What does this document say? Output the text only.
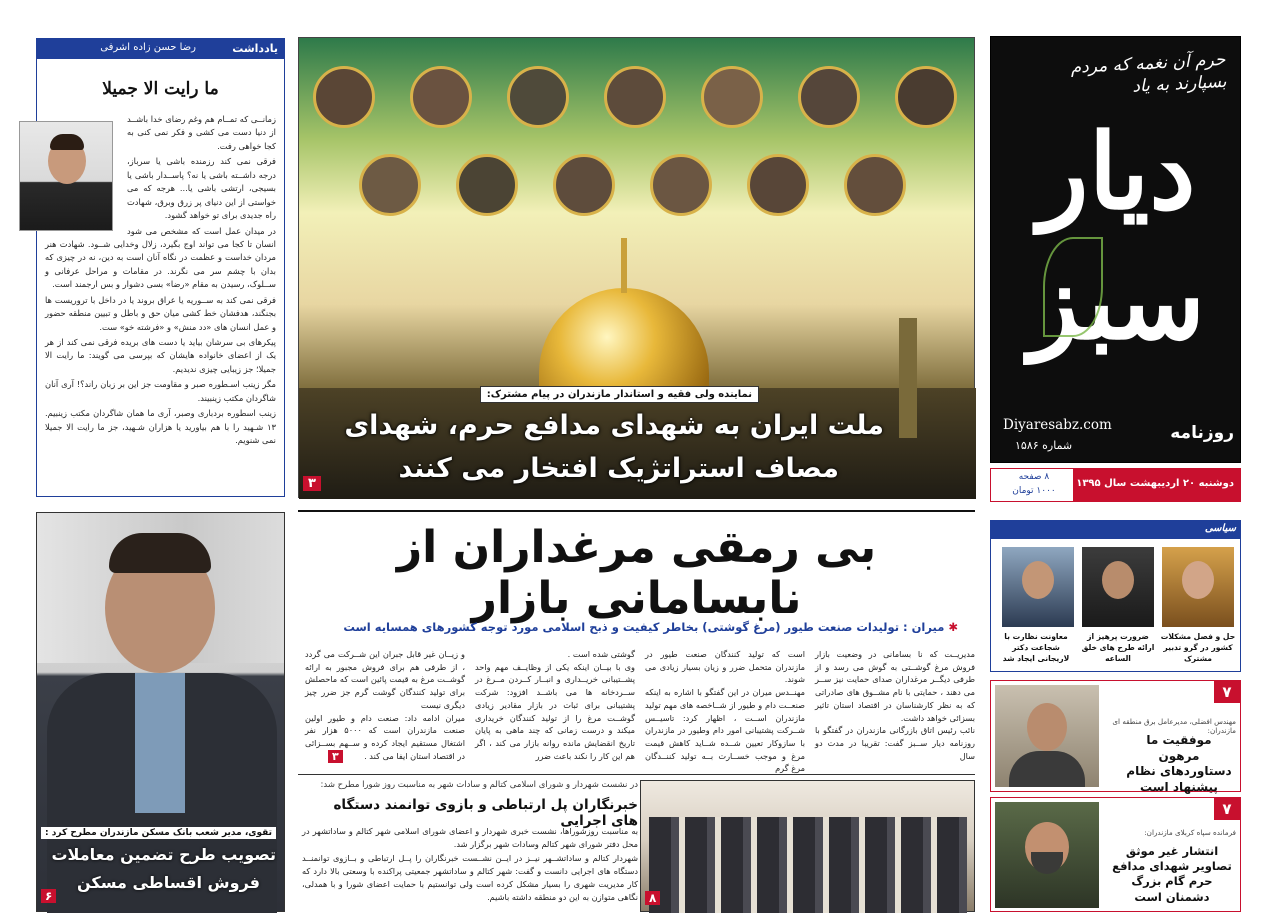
یادداشت
رضا حسن زاده اشرفی
ما رایت الا جمیلا

زمانــی که تمــام هم وغم رضای خدا باشــد از دنیا دست می کشی و فکر نمی کنی به کجا خواهی رفت.

فرقی نمی کند رزمنده باشی یا سرباز، درجه داشــته باشی یا نه؟ پاســدار باشی یا بسیجی، ارتشی باشی یا... هرجه که می خواستی از این دنیای پر زرق وبرق، شهادت راه جدیدی برای تو خواهد گشود.

در میدان عمل است که مشخص می شود انسان تا کجا می تواند اوج بگیرد، زلال وخدایی شــود. شهادت هنر مردان خداست و عظمت در نگاه آنان است به دین، نه در چیزی که بدان با چشم سر می نگرند. در مقامات و مراحل عرفانی و ســلوک، رسیدن به مقام «رضا» بسی دشوار و بس ارجمند است.

فرقی نمی کند به ســوریه یا عراق بروند یا در داخل با تروریست ها بجنگند، هدفشان خط کشی میان حق و باطل و تبیین منطقه حضور و عمل انسان های «دد منش» و «فرشته خو» ست.

پیکرهای بی سرشان بیاید یا دست های بریده فرقی نمی کند از هر یک از اعضای خانواده هایشان که بپرسی می گویند: ما رایت الا جمیلا؛ جز زیبایی چیزی ندیدیم.

مگر زینب اسـطوره صبر و مقاومت جز این بر زبان راند؟! آری آنان شاگردان مکتب زینبیند.

زینب اسطوره بردباری وصبر، آری ما همان شاگردان مکتب زینبیم. ۱۳ شـهید را با هم بیاورید یا هزاران شـهید، جز ما رایت الا جمیلا نمی شنویم.

تقوی، مدیر شعب بانک مسکن مازندران مطرح کرد :
تصویب طرح تضمین معاملات
فروش اقساطی مسکن
۶
نماینده ولی فقیه و استاندار مازندران در پیام مشترک:
ملت ایران به شهدای مدافع حرم، شهدای
مصاف استراتژیک افتخار می کنند
۳
بی رمقی مرغداران از نابسامانی بازار
✱ میران : تولیدات صنعت طیور (مرغ گوشتی) بخاطر کیفیت و ذبح اسلامی مورد توجه کشورهای همسایه است
مدیریــت که نا بسامانی در وضعیت بازار فروش مرغ گوشــتی به گوش می رسد و از طرفی دیگــر مرغداران صدای حمایت نیز ســر می دهند ، حمایتی با نام مشــوق های صادراتی که به نظر کارشناسان در اقتصاد استان تاثیر بسزائی خواهد داشت.
نائب رئیس اتاق بازرگانی مازندران در گفتگو با روزنامه دیار ســبز گفت: تقریبا در مدت دو سال
است که تولید کنندگان صنعت طیور در مازندران متحمل ضرر و زیان بسیار زیادی می شوند.
مهنــدس میران در این گفتگو با اشاره به اینکه صنعــت دام و طیور از شــاخصه های مهم تولید مازندران اســت ، اظهار کرد: تاسیــس شــرکت پشتیبانی امور دام وطیور در مازندران با سازوکار تعیین شــده شــاید کاهش قیمت مرغ و موجب خســارت بــه تولید کننــدگان مرغ گرم
گوشتی شده است .
وی با بیــان اینکه یکی از وظایــف مهم واحد پشــتیبانی خریــداری و انبــار کــردن مــرغ در ســردخانه ها می باشــد افزود: شرکت پشتیبانی برای ثبات در بازار مقادیر زیادی گوشــت مرغ را از تولید کنندگان خریداری میکند و درست زمانی که چند ماهی به پایان تاریخ انقضایش مانده روانه بازار می کند ، اگر هم این کار را نکند باعث ضرر
و زیــان غیر قابل جبران این شــرکت می گردد ، از طرفی هم برای فروش مجبور به ارائه گوشــت مرغ به قیمت پائین است که ماحصلش برای تولید کنندگان گوشت گرم جز ضرر چیز دیگری نیست
میران ادامه داد: صنعت دام و طیور اولین صنعت مازندران است که ۵۰۰۰ هزار نفر اشتغال مستقیم ایجاد کرده و ســهم بســزائی در اقتصاد استان ایفا می کند .
۳
۸
در نشست شهردار و شورای اسلامی کتالم و سادات شهر به مناسبت روز شورا مطرح شد:
خبرنگاران پل ارتباطی و بازوی توانمند دستگاه های اجرایی

به مناسبت روزشوراها، نشست خبری شهردار و اعضای شورای اسلامی شهر کتالم و ساداتشهر در محل دفتر شورای شهر کتالم وسادات شهر برگزار شد.

شهردار کتالم و ساداتشــهر نیــز در ایــن نشــست خبرنگاران را پــل ارتباطی و بــازوی توانمنــد دستگاه های اجرایی دانست و گفت: شهر کتالم و ساداتشهر جمعیتی پراکنده با وسعتی بالا دارد که کار مدیریت شهری را بسیار مشکل کرده است ولی توانستیم با حمایت اعضای شورا و با همدلی، نگاهی متوازن به این دو منطقه داشته باشیم.

حرم آن نغمه که مردم بسپارند به یاد
دیار سبز
روزنامه
Diyaresabz.com
شماره ۱۵۸۶
دوشنبه ۲۰ اردیبهشت سال ۱۳۹۵
۸ صفحه
۱۰۰۰ تومان
سیاسی
حل و فصل مشکلات کشور در گرو تدبیر مشترک
ضرورت پرهیز از ارائه طرح های خلق الساعه
معاونت نظارت با شجاعت دکتر لاریجانی ایجاد شد
۷
مهندس افضلی، مدیرعامل برق منطقه ای مازندران:
موفقیت ما مرهون دستاوردهای نظام پیشنهاد است
۷
فرمانده سپاه کربلای مازندران:
انتشار غیر موثق تصاویر شهدای مدافع حرم گام بزرگ دشمنان است
